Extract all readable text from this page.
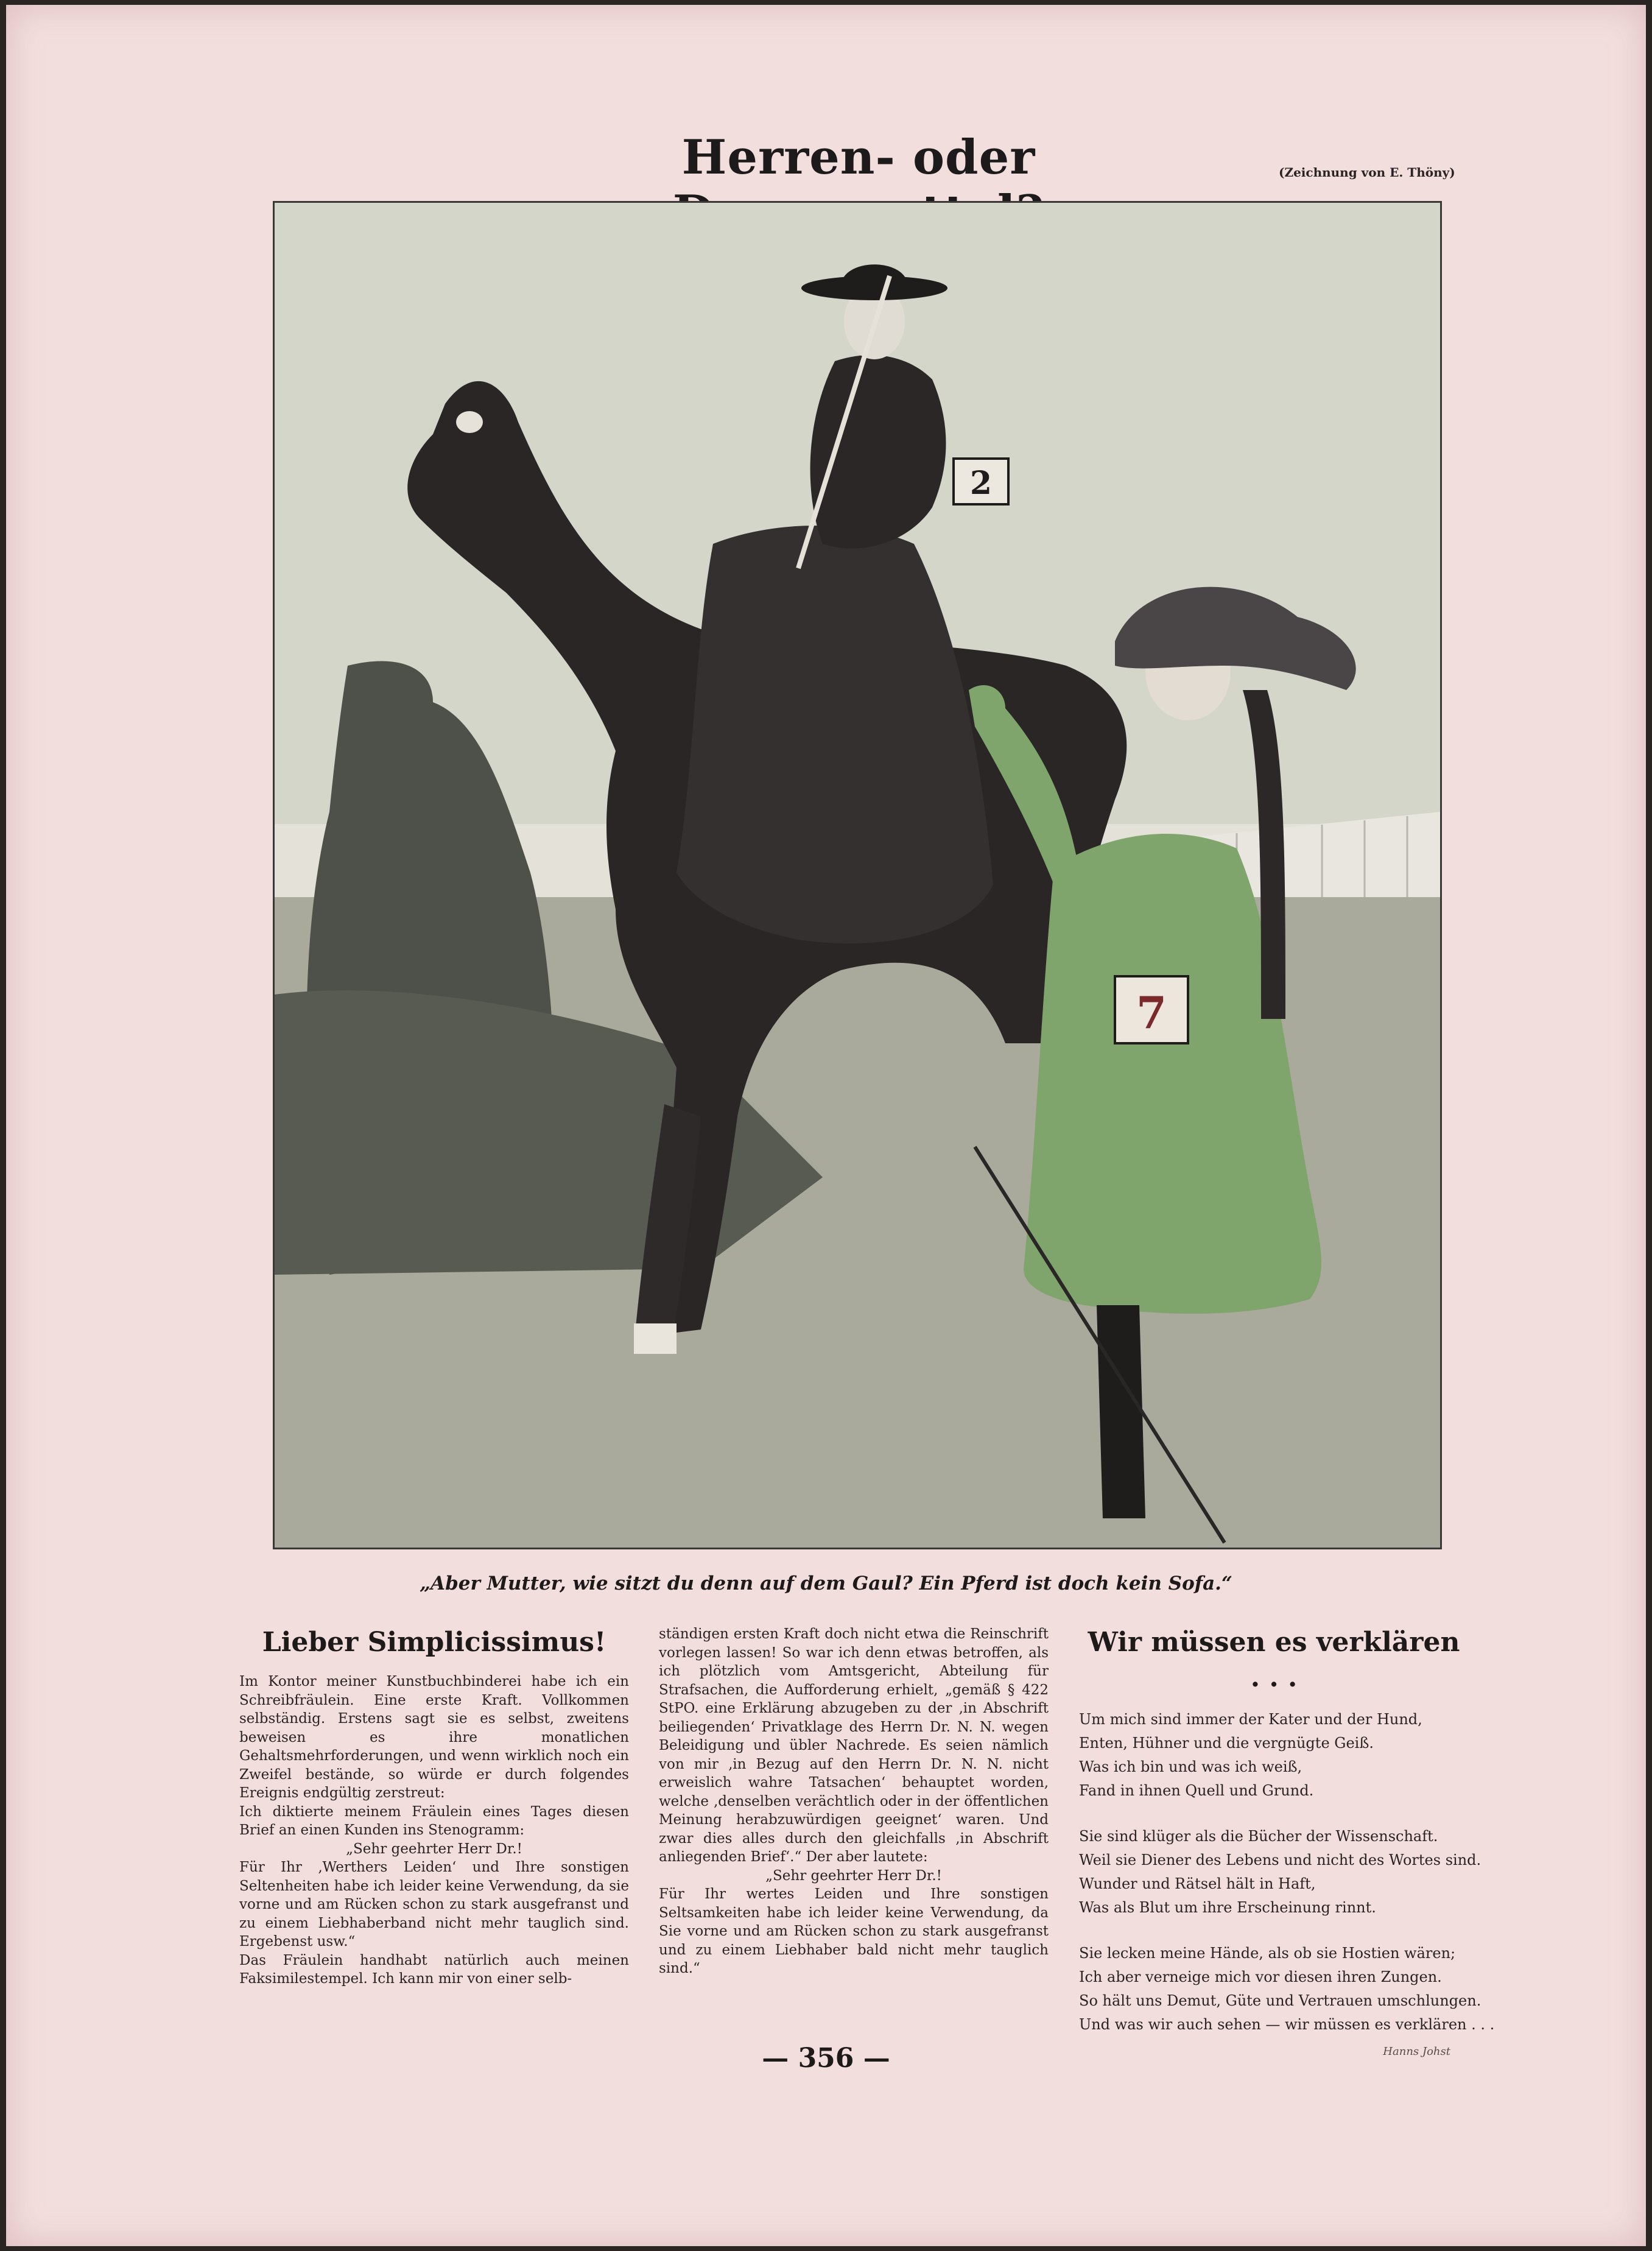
Herren- oder	(Zeichnung von E. Thöny)
2
7
„Aber Mutter, wie sitzt du denn auf dem Gaul? Ein Pferd ist doch kein Sofa.“
Lieber Simplicissimus!

Im Kontor meiner Kunstbuchbinderei habe ich ein Schreibfräulein. Eine erste Kraft. Vollkommen selbständig. Erstens sagt sie es selbst, zweitens beweisen es ihre monatlichen Gehaltsmehrforderungen, und wenn wirklich noch ein Zweifel bestände, so würde er durch folgendes Ereignis endgültig zerstreut:

Ich diktierte meinem Fräulein eines Tages diesen Brief an einen Kunden ins Stenogramm:

„Sehr geehrter Herr Dr.!

Für Ihr ‚Werthers Leiden‘ und Ihre sonstigen Seltenheiten habe ich leider keine Verwendung, da sie vorne und am Rücken schon zu stark ausgefranst und zu einem Liebhaberband nicht mehr tauglich sind. Ergebenst usw.“

Das Fräulein handhabt natürlich auch meinen Faksimilestempel. Ich kann mir von einer selb-

ständigen ersten Kraft doch nicht etwa die Reinschrift vorlegen lassen! So war ich denn etwas betroffen, als ich plötzlich vom Amtsgericht, Abteilung für Strafsachen, die Aufforderung erhielt, „gemäß § 422 StPO. eine Erklärung abzugeben zu der ‚in Abschrift beiliegenden‘ Privatklage des Herrn Dr. N. N. wegen Beleidigung und übler Nachrede. Es seien nämlich von mir ‚in Bezug auf den Herrn Dr. N. N. nicht erweislich wahre Tatsachen‘ behauptet worden, welche ‚denselben verächtlich oder in der öffentlichen Meinung herabzuwürdigen geeignet‘ waren. Und zwar dies alles durch den gleichfalls ‚in Abschrift anliegenden Brief‘.“ Der aber lautete:

„Sehr geehrter Herr Dr.!

Für Ihr wertes Leiden und Ihre sonstigen Seltsamkeiten habe ich leider keine Verwendung, da Sie vorne und am Rücken schon zu stark ausgefranst und zu einem Liebhaber bald nicht mehr tauglich sind.“

Wir müssen es verklären . . .

Um mich sind immer der Kater und der Hund,

Enten, Hühner und die vergnügte Geiß.

Was ich bin und was ich weiß,

Fand in ihnen Quell und Grund.

Sie sind klüger als die Bücher der Wissenschaft.

Weil sie Diener des Lebens und nicht des Wortes sind.

Wunder und Rätsel hält in Haft,

Was als Blut um ihre Erscheinung rinnt.

Sie lecken meine Hände, als ob sie Hostien wären;

Ich aber verneige mich vor diesen ihren Zungen.

So hält uns Demut, Güte und Vertrauen umschlungen.

Und was wir auch sehen — wir müssen es verklären . . .

Hanns Johst
— 356 —
